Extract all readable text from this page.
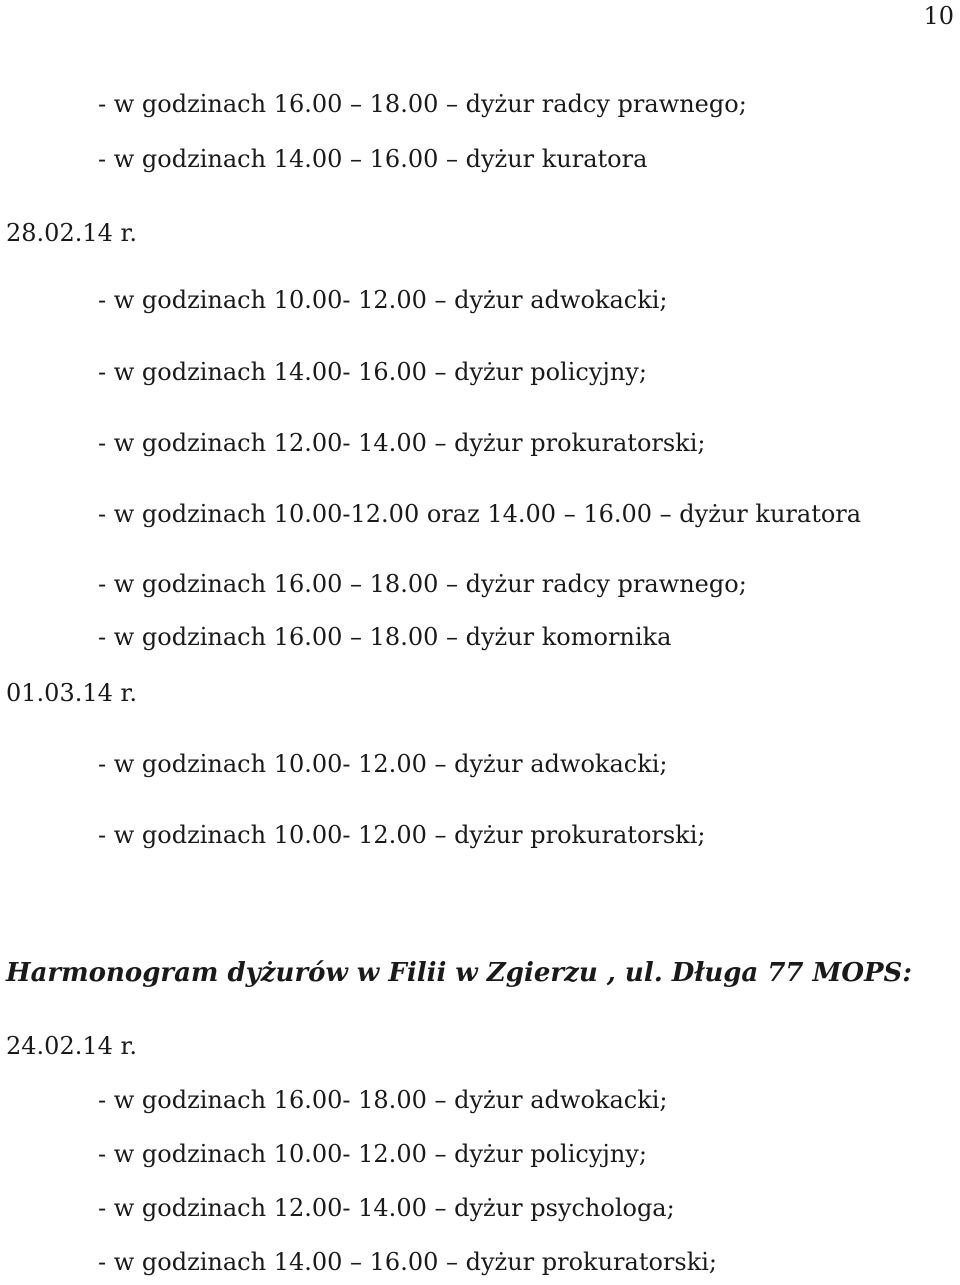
10
- w godzinach 16.00 – 18.00 – dyżur radcy prawnego;
- w godzinach 14.00 – 16.00 – dyżur kuratora
28.02.14 r.
- w godzinach 10.00- 12.00 – dyżur adwokacki;
- w godzinach 14.00- 16.00 – dyżur policyjny;
- w godzinach 12.00- 14.00 – dyżur prokuratorski;
- w godzinach 10.00-12.00 oraz 14.00 – 16.00 – dyżur kuratora
- w godzinach 16.00 – 18.00 – dyżur radcy prawnego;
- w godzinach 16.00 – 18.00 – dyżur komornika
01.03.14 r.
- w godzinach 10.00- 12.00 – dyżur adwokacki;
- w godzinach 10.00- 12.00 – dyżur prokuratorski;
Harmonogram dyżurów w Filii w Zgierzu , ul. Długa 77 MOPS:
24.02.14 r.
- w godzinach 16.00- 18.00 – dyżur adwokacki;
- w godzinach 10.00- 12.00 – dyżur policyjny;
- w godzinach 12.00- 14.00 – dyżur psychologa;
- w godzinach 14.00 – 16.00 – dyżur prokuratorski;
